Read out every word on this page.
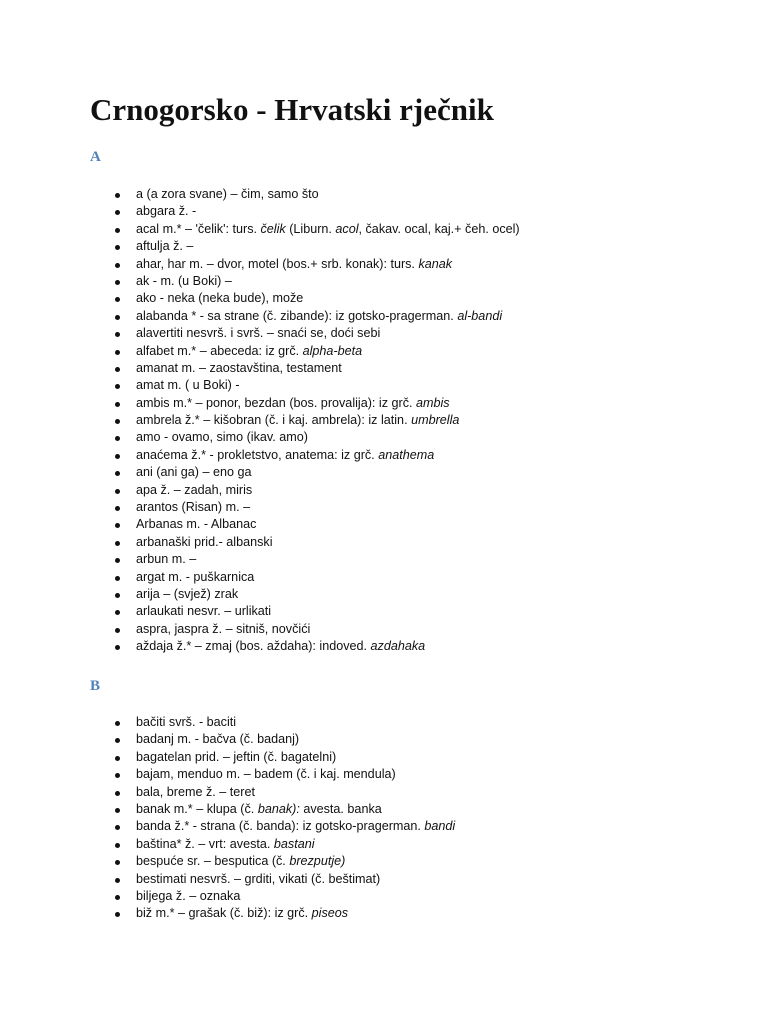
Crnogorsko - Hrvatski rječnik
A
a (a zora svane) – čim, samo što
abgara ž. -
acal m.* – 'čelik': turs. čelik (Liburn. acol, čakav. ocal, kaj.+ čeh. ocel)
aftulja ž. –
ahar, har m. – dvor, motel (bos.+ srb. konak): turs. kanak
ak - m. (u Boki) –
ako - neka (neka bude), može
alabanda * - sa strane (č. zibande): iz gotsko-pragerman. al-bandi
alavertiti nesvrš. i svrš. – snaći se, doći sebi
alfabet m.* – abeceda: iz grč. alpha-beta
amanat m. – zaostavština, testament
amat m. ( u Boki) -
ambis m.* – ponor, bezdan (bos. provalija): iz grč. ambis
ambrela ž.* – kišobran (č. i kaj. ambrela): iz latin. umbrella
amo - ovamo, simo (ikav. amo)
anaćema ž.* - prokletstvo, anatema: iz grč. anathema
ani (ani ga) – eno ga
apa ž. – zadah, miris
arantos (Risan) m. –
Arbanas m. - Albanac
arbanaški prid.- albanski
arbun m. –
argat m. - puškarnica
arija – (svjež) zrak
arlaukati nesvr. – urlikati
aspra, jaspra ž. – sitniš, novčići
aždaja ž.* – zmaj (bos. aždaha): indoved. azdahaka
B
bačiti svrš. - baciti
badanj m. - bačva (č. badanj)
bagatelan prid. – jeftin (č. bagatelni)
bajam, menduo m. – badem (č. i kaj. mendula)
bala, breme ž. – teret
banak m.* – klupa (č. banak): avesta. banka
banda ž.* - strana (č. banda): iz gotsko-pragerman. bandi
baština* ž. – vrt: avesta. bastani
bespuće sr. – besputica (č. brezputje)
bestimati nesvrš. – grditi, vikati (č. beštimat)
biljega ž. – oznaka
biž m.* – grašak (č. biž): iz grč. piseos
